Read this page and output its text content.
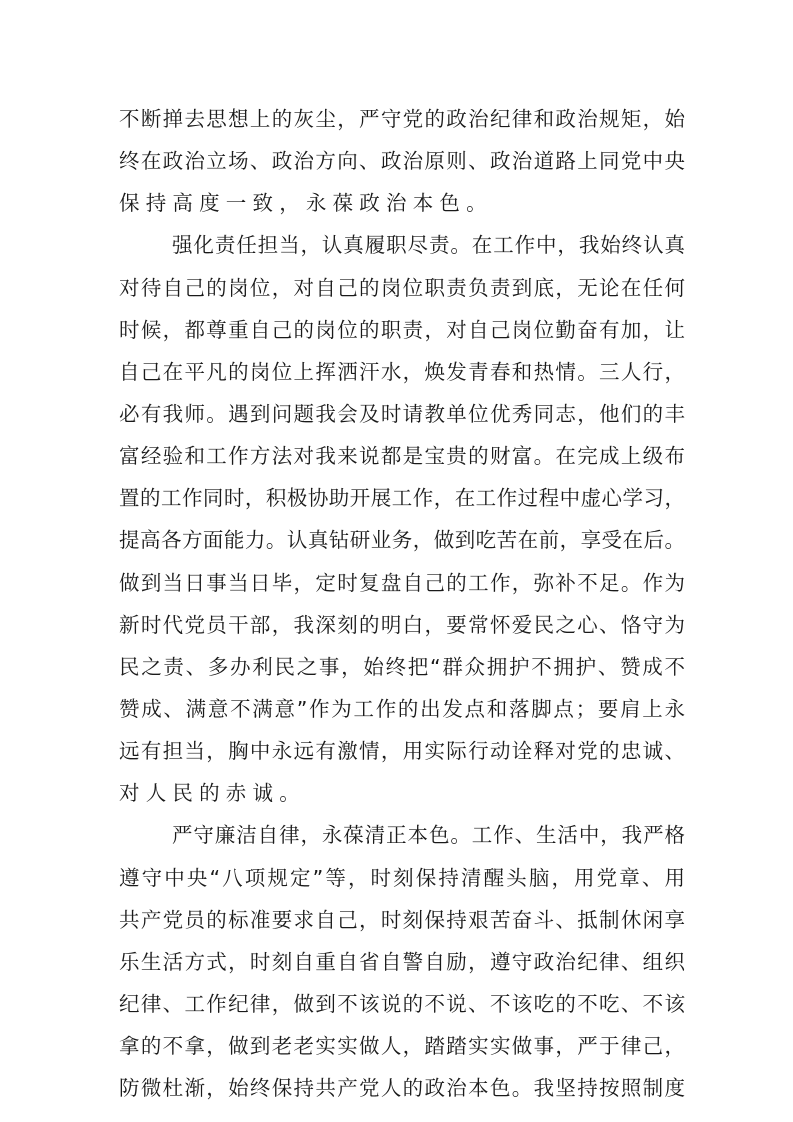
不断掸去思想上的灰尘，严守党的政治纪律和政治规矩，始
终在政治立场、政治方向、政治原则、政治道路上同党中央
保持高度一致，永葆政治本色。
强化责任担当，认真履职尽责。在工作中，我始终认真
对待自己的岗位，对自己的岗位职责负责到底，无论在任何
时候，都尊重自己的岗位的职责，对自己岗位勤奋有加，让
自己在平凡的岗位上挥洒汗水，焕发青春和热情。三人行，
必有我师。遇到问题我会及时请教单位优秀同志，他们的丰
富经验和工作方法对我来说都是宝贵的财富。在完成上级布
置的工作同时，积极协助开展工作，在工作过程中虚心学习，
提高各方面能力。认真钻研业务，做到吃苦在前，享受在后。
做到当日事当日毕，定时复盘自己的工作，弥补不足。作为
新时代党员干部，我深刻的明白，要常怀爱民之心、恪守为
民之责、多办利民之事，始终把“群众拥护不拥护、赞成不
赞成、满意不满意”作为工作的出发点和落脚点；要肩上永
远有担当，胸中永远有激情，用实际行动诠释对党的忠诚、
对人民的赤诚。
严守廉洁自律，永葆清正本色。工作、生活中，我严格
遵守中央“八项规定”等，时刻保持清醒头脑，用党章、用
共产党员的标准要求自己，时刻保持艰苦奋斗、抵制休闲享
乐生活方式，时刻自重自省自警自励，遵守政治纪律、组织
纪律、工作纪律，做到不该说的不说、不该吃的不吃、不该
拿的不拿，做到老老实实做人，踏踏实实做事，严于律己，
防微杜渐，始终保持共产党人的政治本色。我坚持按照制度
